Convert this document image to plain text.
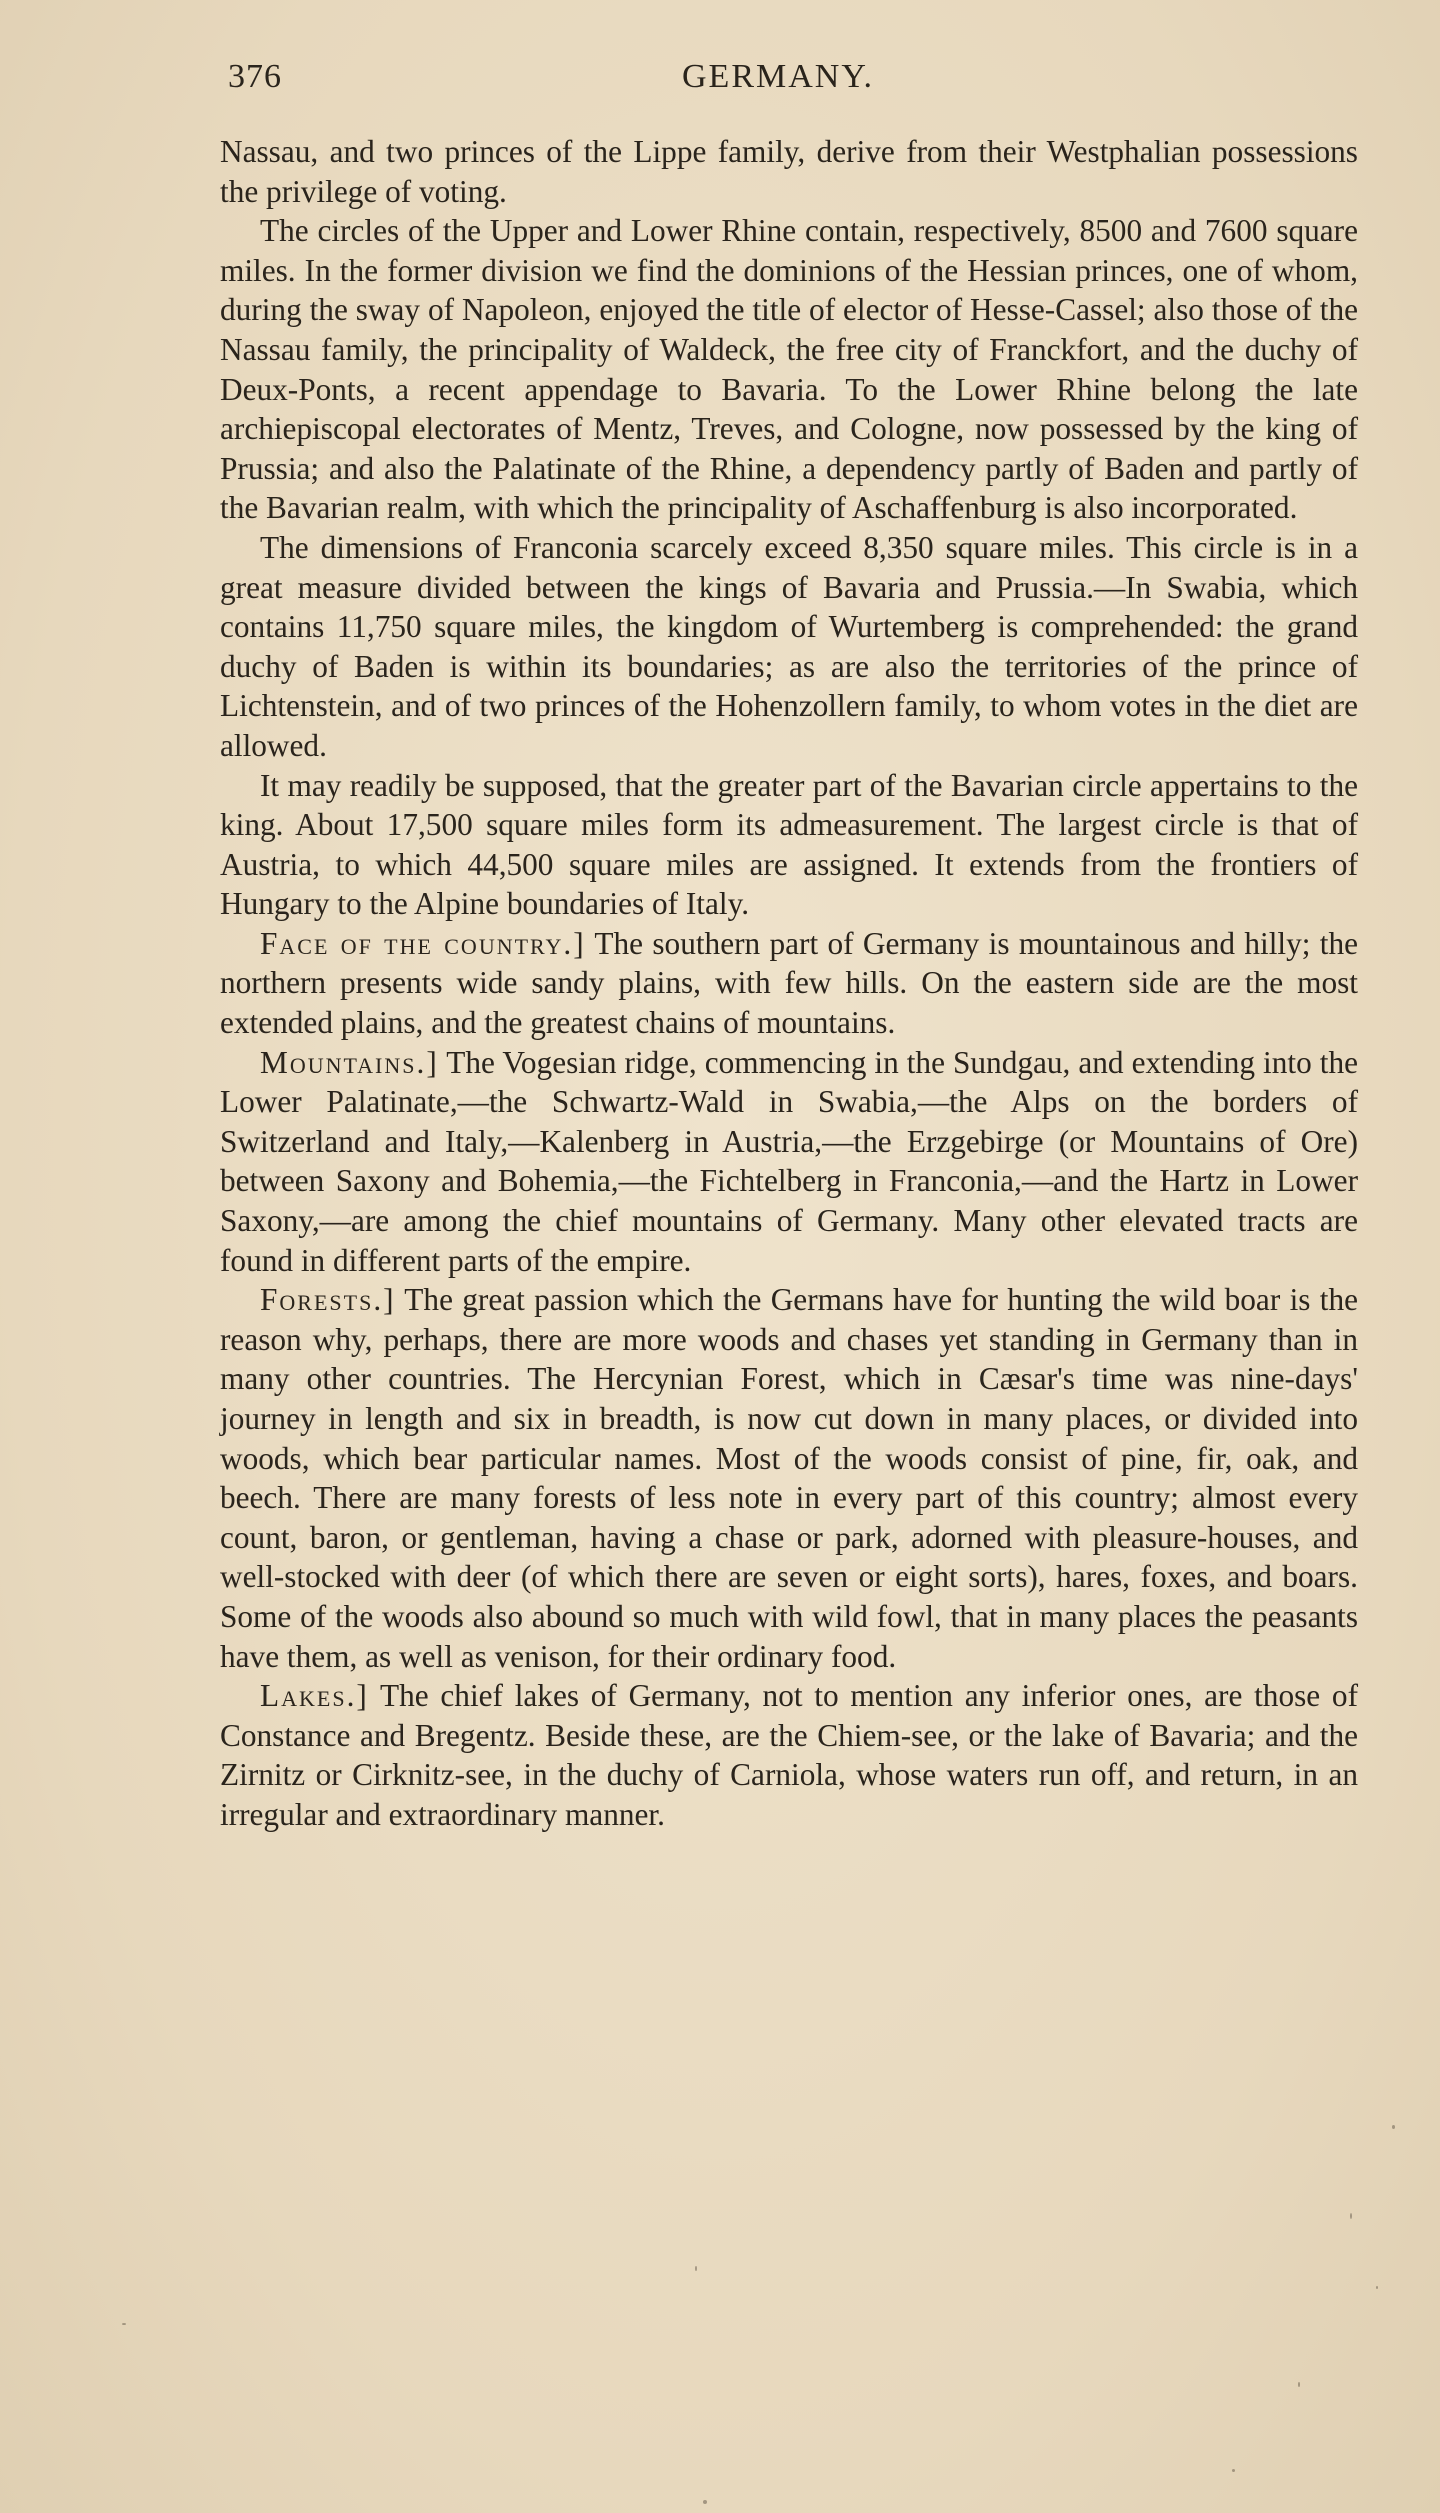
376	GERMANY.

Nassau, and two princes of the Lippe family, derive from their Westphalian possessions the privilege of voting.

The circles of the Upper and Lower Rhine contain, respectively, 8500 and 7600 square miles. In the former division we find the dominions of the Hessian princes, one of whom, during the sway of Napoleon, enjoyed the title of elector of Hesse-Cassel; also those of the Nassau family, the principality of Waldeck, the free city of Franckfort, and the duchy of Deux-Ponts, a recent appendage to Bavaria. To the Lower Rhine belong the late archiepiscopal electorates of Mentz, Treves, and Cologne, now possessed by the king of Prussia; and also the Palatinate of the Rhine, a dependency partly of Baden and partly of the Bavarian realm, with which the principality of Aschaffenburg is also incorporated.

The dimensions of Franconia scarcely exceed 8,350 square miles. This circle is in a great measure divided between the kings of Bavaria and Prussia.—In Swabia, which contains 11,750 square miles, the kingdom of Wurtemberg is comprehended: the grand duchy of Baden is within its boundaries; as are also the territories of the prince of Lichtenstein, and of two princes of the Hohenzollern family, to whom votes in the diet are allowed.

It may readily be supposed, that the greater part of the Bavarian circle appertains to the king. About 17,500 square miles form its admeasurement. The largest circle is that of Austria, to which 44,500 square miles are assigned. It extends from the frontiers of Hungary to the Alpine boundaries of Italy.

Face of the country.] The southern part of Germany is mountainous and hilly; the northern presents wide sandy plains, with few hills. On the eastern side are the most extended plains, and the greatest chains of mountains.

Mountains.] The Vogesian ridge, commencing in the Sundgau, and extending into the Lower Palatinate,—the Schwartz-Wald in Swabia,—the Alps on the borders of Switzerland and Italy,—Kalenberg in Austria,—the Erzgebirge (or Mountains of Ore) between Saxony and Bohemia,—the Fichtelberg in Franconia,—and the Hartz in Lower Saxony,—are among the chief mountains of Germany. Many other elevated tracts are found in different parts of the empire.

Forests.] The great passion which the Germans have for hunting the wild boar is the reason why, perhaps, there are more woods and chases yet standing in Germany than in many other countries. The Hercynian Forest, which in Cæsar's time was nine-days' journey in length and six in breadth, is now cut down in many places, or divided into woods, which bear particular names. Most of the woods consist of pine, fir, oak, and beech. There are many forests of less note in every part of this country; almost every count, baron, or gentleman, having a chase or park, adorned with pleasure-houses, and well-stocked with deer (of which there are seven or eight sorts), hares, foxes, and boars. Some of the woods also abound so much with wild fowl, that in many places the peasants have them, as well as venison, for their ordinary food.

Lakes.] The chief lakes of Germany, not to mention any inferior ones, are those of Constance and Bregentz. Beside these, are the Chiem-see, or the lake of Bavaria; and the Zirnitz or Cirknitz-see, in the duchy of Carniola, whose waters run off, and return, in an irregular and extraordinary manner.
